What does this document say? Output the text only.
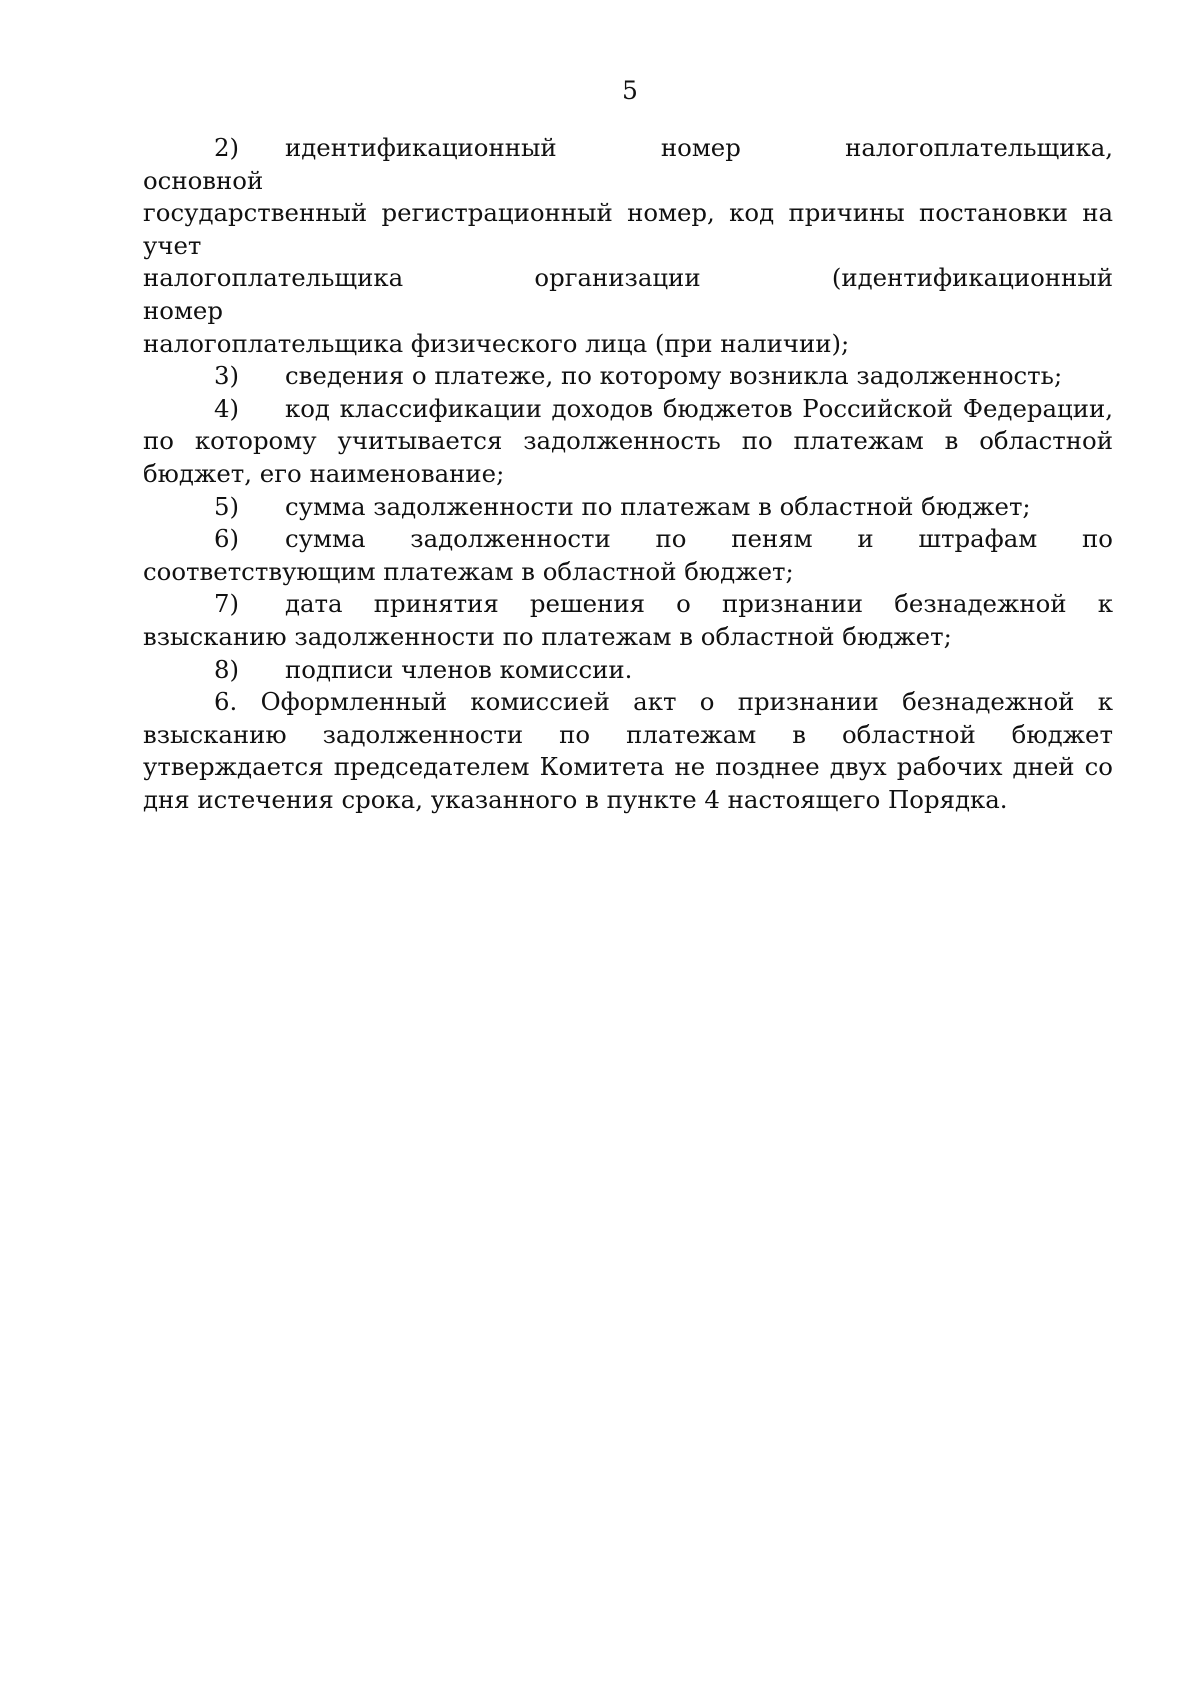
5
2) идентификационный номер налогоплательщика, основной
государственный регистрационный номер, код причины постановки на учет
налогоплательщика организации (идентификационный номер
налогоплательщика физического лица (при наличии);
3) сведения о платеже, по которому возникла задолженность;
4) код классификации доходов бюджетов Российской Федерации, по которому учитывается задолженность по платежам в областной бюджет, его наименование;
5) сумма задолженности по платежам в областной бюджет;
6) сумма задолженности по пеням и штрафам по соответствующим платежам в областной бюджет;
7) дата принятия решения о признании безнадежной к взысканию задолженности по платежам в областной бюджет;
8) подписи членов комиссии.
6. Оформленный комиссией акт о признании безнадежной к взысканию задолженности по платежам в областной бюджет утверждается председателем Комитета не позднее двух рабочих дней со дня истечения срока, указанного в пункте 4 настоящего Порядка.
